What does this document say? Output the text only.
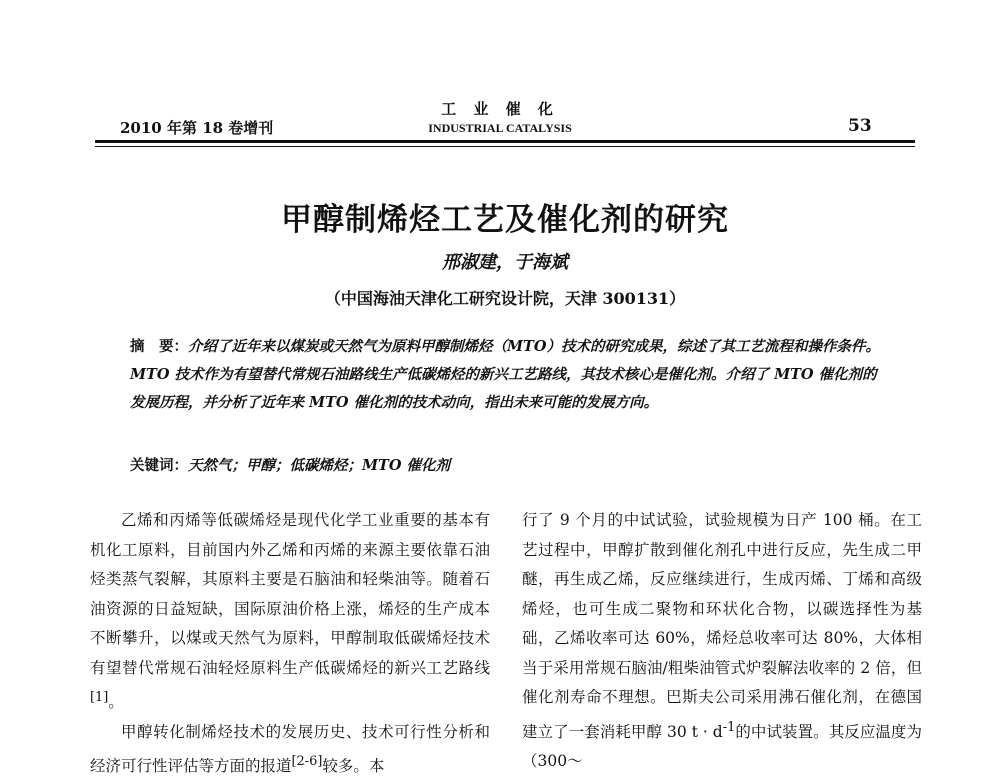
2010 年第 18 卷增刊
工 业 催 化
INDUSTRIAL CATALYSIS	53
甲醇制烯烃工艺及催化剂的研究
邢淑建，于海斌
（中国海油天津化工研究设计院，天津 300131）
摘　要：介绍了近年来以煤炭或天然气为原料甲醇制烯烃（MTO）技术的研究成果，综述了其工艺流程和操作条件。MTO 技术作为有望替代常规石油路线生产低碳烯烃的新兴工艺路线，其技术核心是催化剂。介绍了 MTO 催化剂的发展历程，并分析了近年来 MTO 催化剂的技术动向，指出未来可能的发展方向。
关键词：天然气；甲醇；低碳烯烃；MTO 催化剂

乙烯和丙烯等低碳烯烃是现代化学工业重要的基本有机化工原料，目前国内外乙烯和丙烯的来源主要依靠石油烃类蒸气裂解，其原料主要是石脑油和轻柴油等。随着石油资源的日益短缺，国际原油价格上涨，烯烃的生产成本不断攀升，以煤或天然气为原料，甲醇制取低碳烯烃技术有望替代常规石油轻烃原料生产低碳烯烃的新兴工艺路线[1]。

甲醇转化制烯烃技术的发展历史、技术可行性分析和经济可行性评估等方面的报道[2-6]较多。本

行了 9 个月的中试试验，试验规模为日产 100 桶。在工艺过程中，甲醇扩散到催化剂孔中进行反应，先生成二甲醚，再生成乙烯，反应继续进行，生成丙烯、丁烯和高级烯烃，也可生成二聚物和环状化合物，以碳选择性为基础，乙烯收率可达 60%，烯烃总收率可达 80%，大体相当于采用常规石脑油/粗柴油管式炉裂解法收率的 2 倍，但催化剂寿命不理想。巴斯夫公司采用沸石催化剂，在德国建立了一套消耗甲醇 30 $t \cdot d^{-1}$的中试装置。其反应温度为（300～
